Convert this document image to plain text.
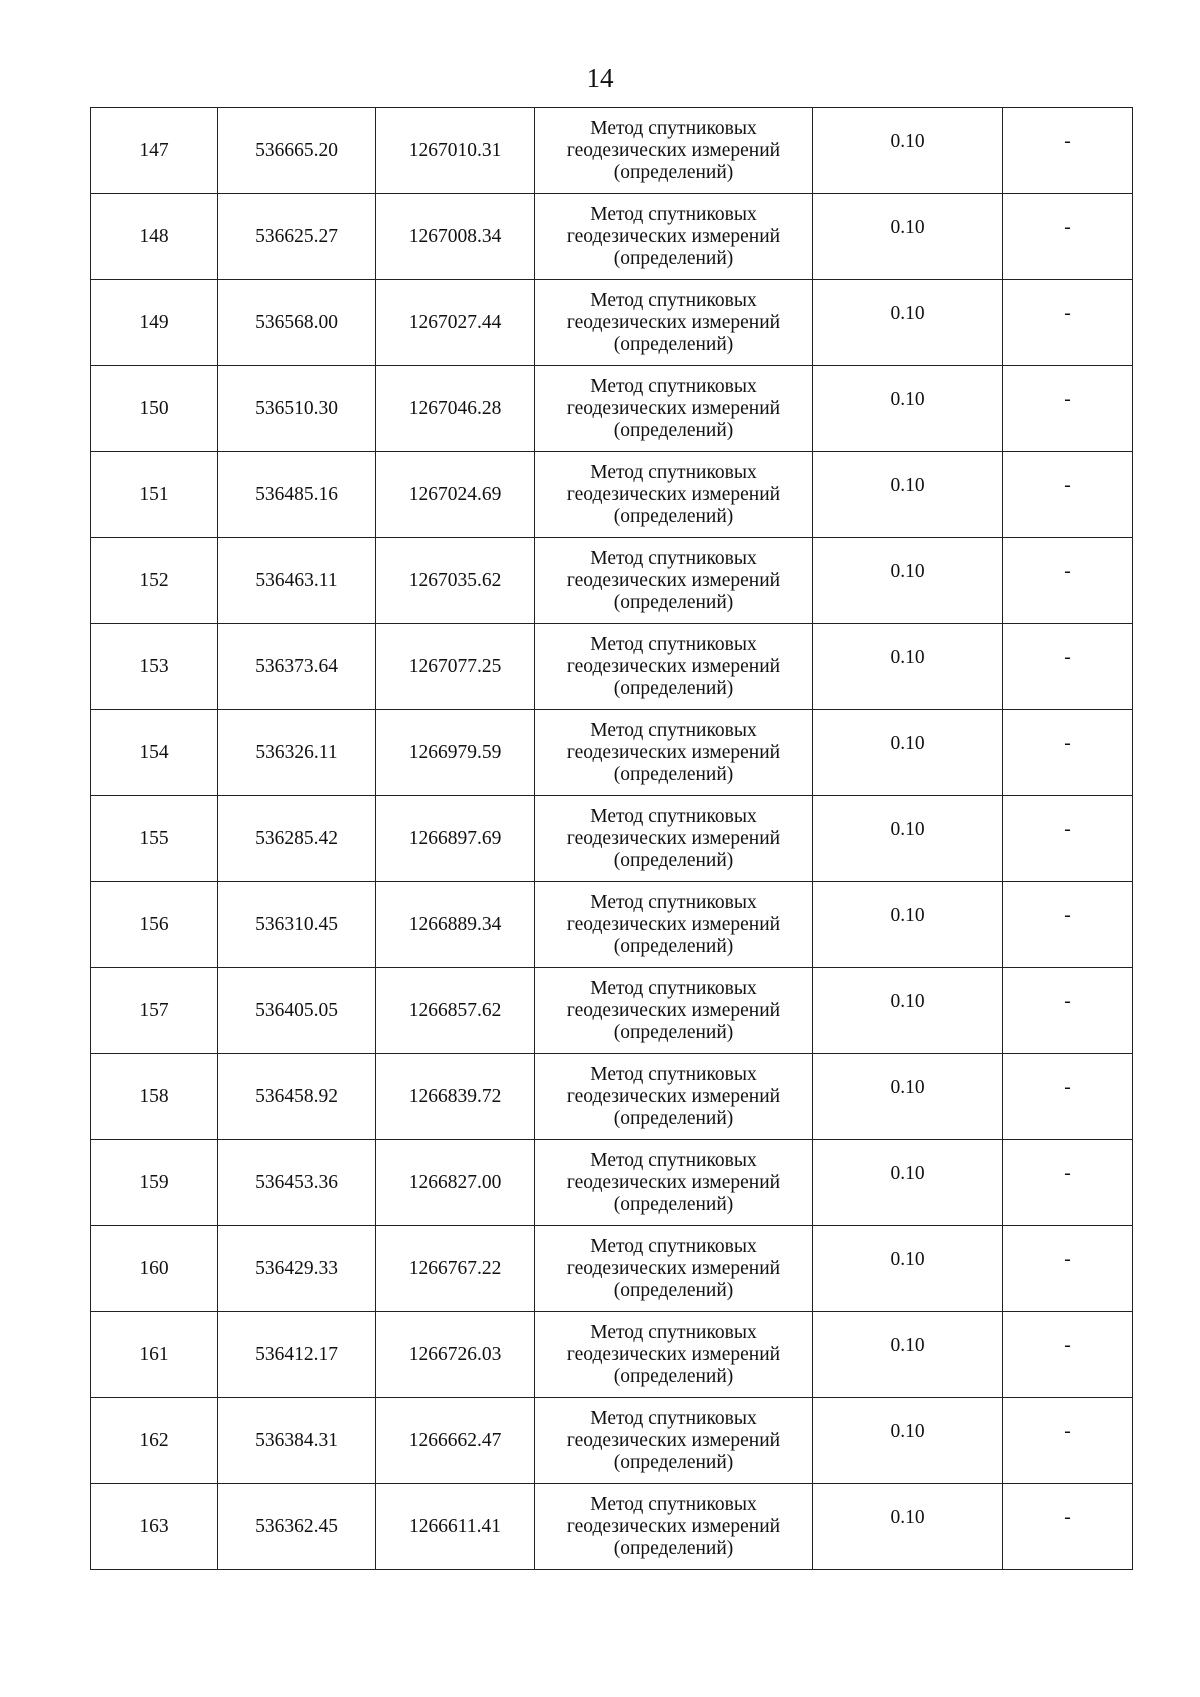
14
147	536665.20	1267010.31	Метод спутниковых
геодезических измерений
(определений)	0.10	-
148	536625.27	1267008.34	Метод спутниковых
геодезических измерений
(определений)	0.10	-
149	536568.00	1267027.44	Метод спутниковых
геодезических измерений
(определений)	0.10	-
150	536510.30	1267046.28	Метод спутниковых
геодезических измерений
(определений)	0.10	-
151	536485.16	1267024.69	Метод спутниковых
геодезических измерений
(определений)	0.10	-
152	536463.11	1267035.62	Метод спутниковых
геодезических измерений
(определений)	0.10	-
153	536373.64	1267077.25	Метод спутниковых
геодезических измерений
(определений)	0.10	-
154	536326.11	1266979.59	Метод спутниковых
геодезических измерений
(определений)	0.10	-
155	536285.42	1266897.69	Метод спутниковых
геодезических измерений
(определений)	0.10	-
156	536310.45	1266889.34	Метод спутниковых
геодезических измерений
(определений)	0.10	-
157	536405.05	1266857.62	Метод спутниковых
геодезических измерений
(определений)	0.10	-
158	536458.92	1266839.72	Метод спутниковых
геодезических измерений
(определений)	0.10	-
159	536453.36	1266827.00	Метод спутниковых
геодезических измерений
(определений)	0.10	-
160	536429.33	1266767.22	Метод спутниковых
геодезических измерений
(определений)	0.10	-
161	536412.17	1266726.03	Метод спутниковых
геодезических измерений
(определений)	0.10	-
162	536384.31	1266662.47	Метод спутниковых
геодезических измерений
(определений)	0.10	-
163	536362.45	1266611.41	Метод спутниковых
геодезических измерений
(определений)	0.10	-
